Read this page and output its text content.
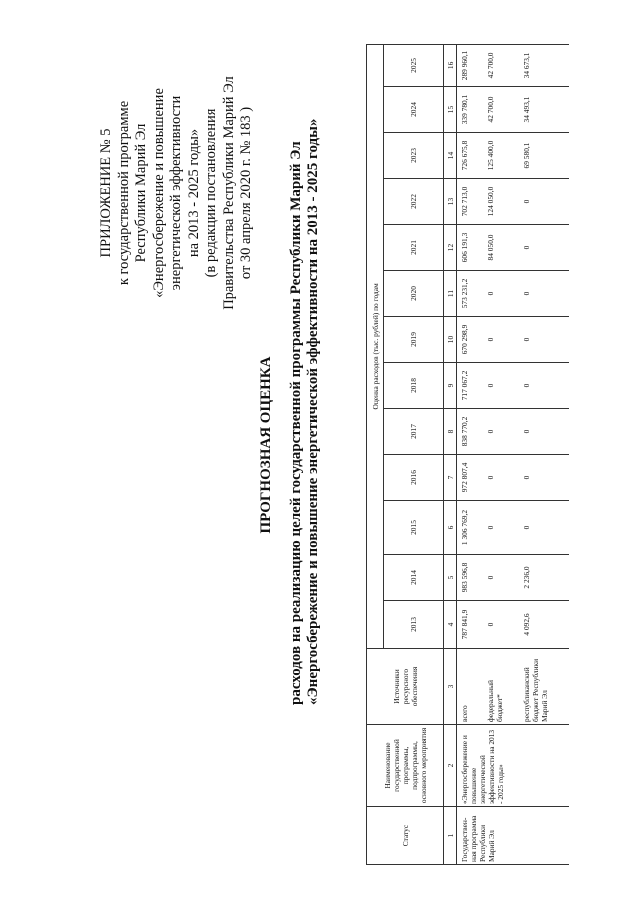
ПРИЛОЖЕНИЕ № 5 к государственной программе Республики Марий Эл «Энергосбережение и повышение энергетической эффективности на 2013 - 2025 годы» (в редакции постановления Правительства Республики Марий Эл от 30 апреля 2020 г. № 183 )
ПРОГНОЗНАЯ ОЦЕНКА расходов на реализацию целей государственной программы Республики Марий Эл «Энергосбережение и повышение энергетической эффективности на 2013 - 2025 годы»
Статус	Наименование государственной программы, подпрограммы, основного мероприятия	Источники ресурсного обеспечения	Оценка расходов (тыс. рублей) по годам												
			2013	2014	2015	2016	2017	2018	2019	2020	2021	2022	2023	2024	2025
1	2	3	4	5	6	7	8	9	10	11	12	13	14	15	16
Государствен-ная программа Республики Марий Эл	«Энергосбережение и повышение энергетической эффективности на 2013 - 2025 годы»	всего	787 841,9	983 596,8	1 306 769,2	972 807,4	838 770,2	717 067,2	670 298,9	573 231,2	606 191,3	702 713,0	726 675,8	339 780,1	289 960,1
		федеральный бюджет*	0	0	0	0	0	0	0	0	84 050,0	124 050,0	125 400,0	42 700,0	42 700,0
		республиканский бюджет Республики Марий Эл	4 092,6	2 236,0	0	0	0	0	0	0	0	0	69 580,1	34 493,1	34 673,1
